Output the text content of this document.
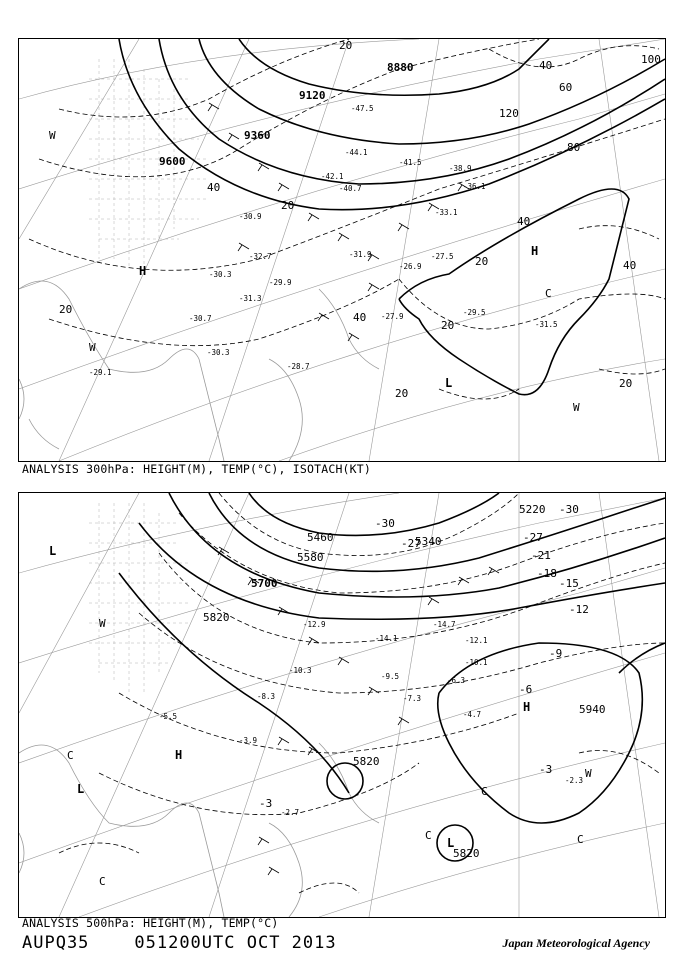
8880
9120
9360
9600
20
40
60
80
100
120
40
20
40
40
20
20
40
20
20
20
-47.5
-44.1
-42.1
-41.5
-40.7
-38.9
-36.1
-33.1
-31.9
-30.9
-32.7
-30.3
-31.3
-29.9
-30.7
-29.1
-28.7
-27.9
-26.9
-29.5
-31.5
-30.3
-27.5
H
H
L
W
W
W
C
ANALYSIS 300hPa: HEIGHT(M), TEMP(°C), ISOTACH(KT)
5220
5340
5460
5580
5700
5820
5940
5820
5820
-30
-27
-21
-18
-15
-12
-9
-6
-3
-30
-27
-3
-14.7
-12.9
-10.3
-8.3	-7.3
-5.5	-4.7
-3.9
-2.7
-2.3
-10.1
-12.1
-14.1
-9.5	-6.3
H
H
L
L
L
W
W
C
C
C
C
C
ANALYSIS 500hPa: HEIGHT(M), TEMP(°C)
AUPQ35	051200UTC OCT 2013	Japan Meteorological Agency
